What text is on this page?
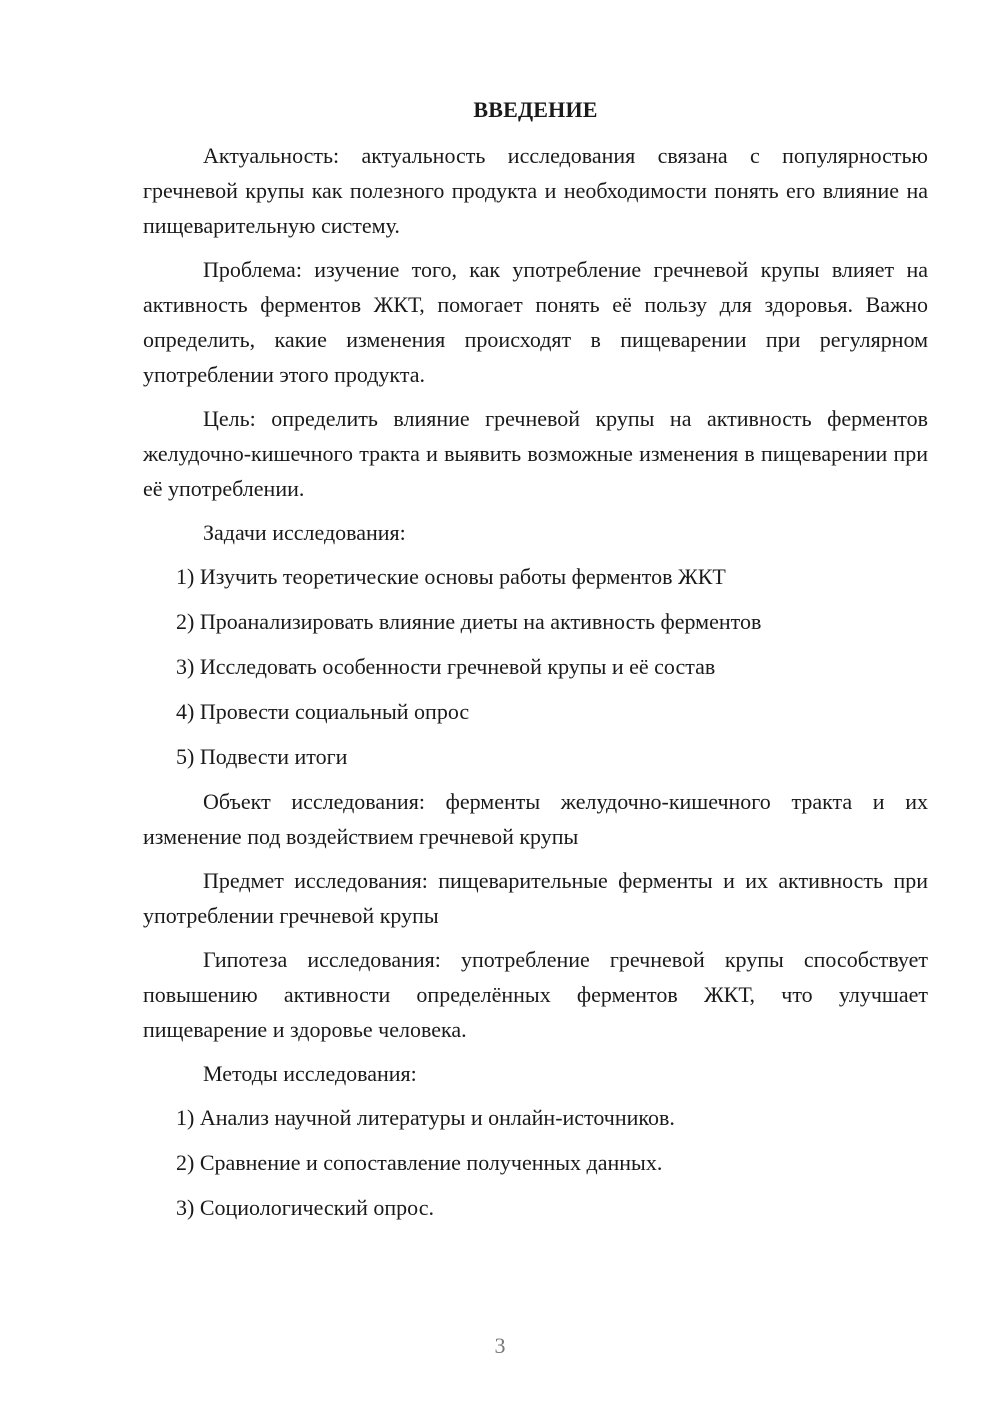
ВВЕДЕНИЕ

Актуальность: актуальность исследования связана с популярностью гречневой крупы как полезного продукта и необходимости понять его влияние на пищеварительную систему.

Проблема: изучение того, как употребление гречневой крупы влияет на активность ферментов ЖКТ, помогает понять её пользу для здоровья. Важно определить, какие изменения происходят в пищеварении при регулярном употреблении этого продукта.

Цель: определить влияние гречневой крупы на активность ферментов желудочно-кишечного тракта и выявить возможные изменения в пищеварении при её употреблении.

Задачи исследования:

1) Изучить теоретические основы работы ферментов ЖКТ
2) Проанализировать влияние диеты на активность ферментов
3) Исследовать особенности гречневой крупы и её состав
4) Провести социальный опрос
5) Подвести итоги

Объект исследования: ферменты желудочно-кишечного тракта и их изменение под воздействием гречневой крупы

Предмет исследования: пищеварительные ферменты и их активность при употреблении гречневой крупы

Гипотеза исследования: употребление гречневой крупы способствует повышению активности определённых ферментов ЖКТ, что улучшает пищеварение и здоровье человека.

Методы исследования:

1) Анализ научной литературы и онлайн-источников.
2) Сравнение и сопоставление полученных данных.
3) Социологический опрос.
3
